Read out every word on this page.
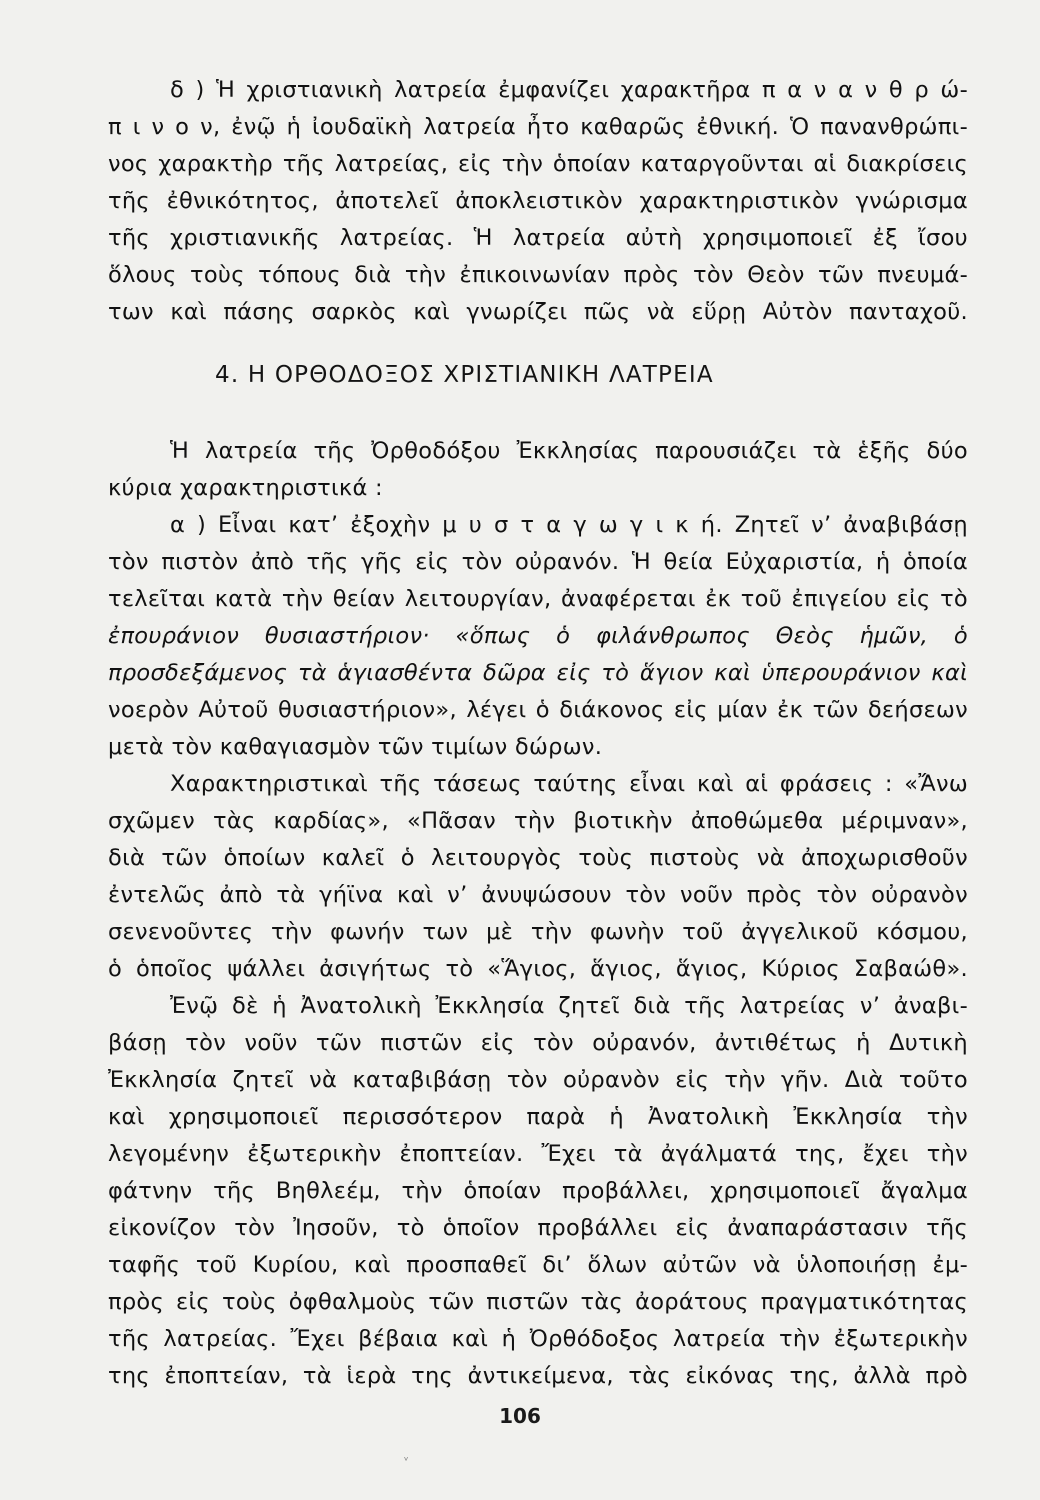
δ ) Ἡ χριστιανικὴ λατρεία ἐμφανίζει χαρακτῆρα π α ν α ν θ ρ ώ-
π ι ν ο ν, ἐνῷ ἡ ἰουδαϊκὴ λατρεία ἦτο καθαρῶς ἐθνική. Ὁ πανανθρώπι-
νος χαρακτὴρ τῆς λατρείας, εἰς τὴν ὁποίαν καταργοῦνται αἱ διακρίσεις
τῆς ἐθνικότητος, ἀποτελεῖ ἀποκλειστικὸν χαρακτηριστικὸν γνώρισμα
τῆς χριστιανικῆς λατρείας. Ἡ λατρεία αὐτὴ χρησιμοποιεῖ ἐξ ἴσου
ὅλους τοὺς τόπους διὰ τὴν ἐπικοινωνίαν πρὸς τὸν Θεὸν τῶν πνευμά-
των καὶ πάσης σαρκὸς καὶ γνωρίζει πῶς νὰ εὕρῃ Αὐτὸν πανταχοῦ.
4. Η ΟΡΘΟΔΟΞΟΣ ΧΡΙΣΤΙΑΝΙΚΗ ΛΑΤΡΕΙΑ
Ἡ λατρεία τῆς Ὀρθοδόξου Ἐκκλησίας παρουσιάζει τὰ ἑξῆς δύο
κύρια χαρακτηριστικά :
α ) Εἶναι κατ’ ἐξοχὴν μ υ σ τ α γ ω γ ι κ ή. Ζητεῖ ν’ ἀναβιβάσῃ
τὸν πιστὸν ἀπὸ τῆς γῆς εἰς τὸν οὐρανόν. Ἡ θεία Εὐχαριστία, ἡ ὁποία
τελεῖται κατὰ τὴν θείαν λειτουργίαν, ἀναφέρεται ἐκ τοῦ ἐπιγείου εἰς τὸ
ἐπουράνιον θυσιαστήριον· «ὅπως ὁ φιλάνθρωπος Θεὸς ἡμῶν, ὁ
προσδεξάμενος τὰ ἁγιασθέντα δῶρα εἰς τὸ ἅγιον καὶ ὑπερουράνιον καὶ
νοερὸν Αὐτοῦ θυσιαστήριον», λέγει ὁ διάκονος εἰς μίαν ἐκ τῶν δεήσεων
μετὰ τὸν καθαγιασμὸν τῶν τιμίων δώρων.
Χαρακτηριστικαὶ τῆς τάσεως ταύτης εἶναι καὶ αἱ φράσεις : «Ἄνω
σχῶμεν τὰς καρδίας», «Πᾶσαν τὴν βιοτικὴν ἀποθώμεθα μέριμναν»,
διὰ τῶν ὁποίων καλεῖ ὁ λειτουργὸς τοὺς πιστοὺς νὰ ἀποχωρισθοῦν
ἐντελῶς ἀπὸ τὰ γήϊνα καὶ ν’ ἀνυψώσουν τὸν νοῦν πρὸς τὸν οὐρανὸν
σενενοῦντες τὴν φωνήν των μὲ τὴν φωνὴν τοῦ ἀγγελικοῦ κόσμου,
ὁ ὁποῖος ψάλλει ἀσιγήτως τὸ «Ἅγιος, ἅγιος, ἅγιος, Κύριος Σαβαώθ».
Ἐνῷ δὲ ἡ Ἀνατολικὴ Ἐκκλησία ζητεῖ διὰ τῆς λατρείας ν’ ἀναβι-
βάσῃ τὸν νοῦν τῶν πιστῶν εἰς τὸν οὐρανόν, ἀντιθέτως ἡ Δυτικὴ
Ἐκκλησία ζητεῖ νὰ καταβιβάσῃ τὸν οὐρανὸν εἰς τὴν γῆν. Διὰ τοῦτο
καὶ χρησιμοποιεῖ περισσότερον παρὰ ἡ Ἀνατολικὴ Ἐκκλησία τὴν
λεγομένην ἐξωτερικὴν ἐποπτείαν. Ἔχει τὰ ἀγάλματά της, ἔχει τὴν
φάτνην τῆς Βηθλεέμ, τὴν ὁποίαν προβάλλει, χρησιμοποιεῖ ἄγαλμα
εἰκονίζον τὸν Ἰησοῦν, τὸ ὁποῖον προβάλλει εἰς ἀναπαράστασιν τῆς
ταφῆς τοῦ Κυρίου, καὶ προσπαθεῖ δι’ ὅλων αὐτῶν νὰ ὑλοποιήσῃ ἐμ-
πρὸς εἰς τοὺς ὀφθαλμοὺς τῶν πιστῶν τὰς ἀοράτους πραγματικότητας
τῆς λατρείας. Ἔχει βέβαια καὶ ἡ Ὀρθόδοξος λατρεία τὴν ἐξωτερικὴν
της ἐποπτείαν, τὰ ἱερὰ της ἀντικείμενα, τὰς εἰκόνας της, ἀλλὰ πρὸ
106
ᵛ
